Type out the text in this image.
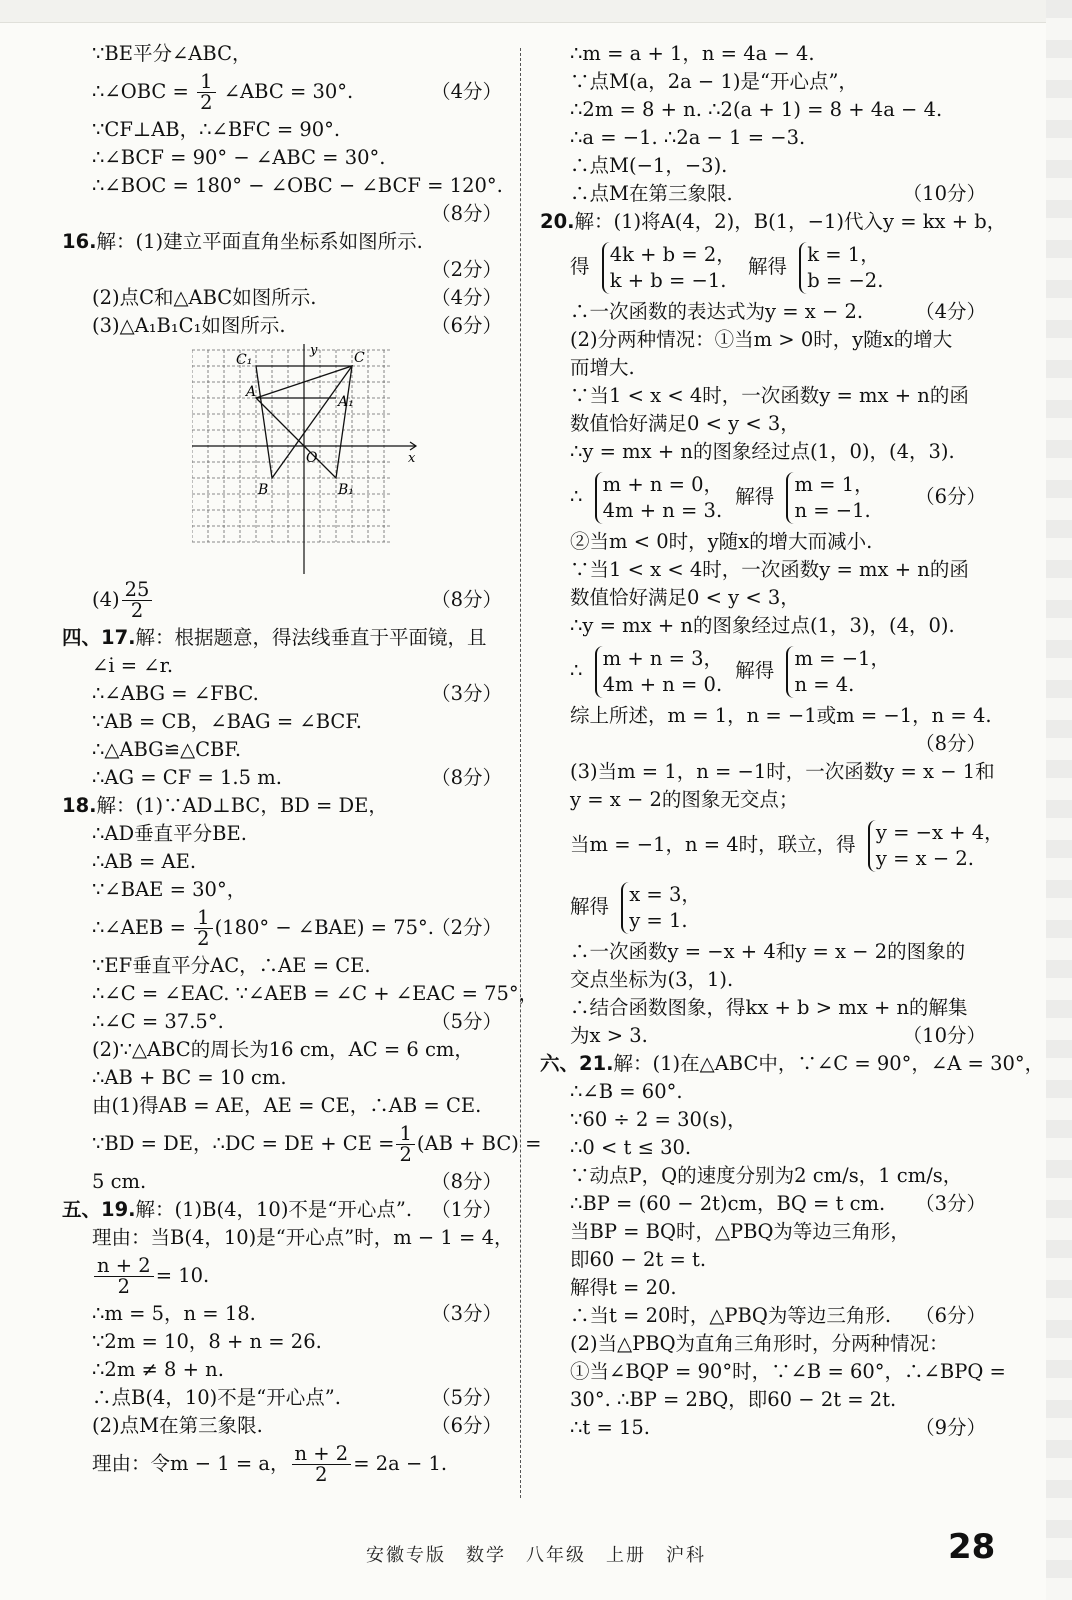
∵BE平分∠ABC，
∴∠OBC = $\frac{1}{2}$ ∠ABC = 30°.	（4分）
∵CF⊥AB，∴∠BFC = 90°.
∴∠BCF = 90° − ∠ABC = 30°.
∴∠BOC = 180° − ∠OBC − ∠BCF = 120°.
（8分）
16.解：(1)建立平面直角坐标系如图所示.
（2分）
(2)点C和△ABC如图所示.	（4分）
(3)△A₁B₁C₁如图所示.	（6分）
C₁	C
A
A₁
B	B₁
O
y
x
$(4) \frac{25}{2}$	（8分）
四、17.解：根据题意，得法线垂直于平面镜，且
∠i = ∠r.
∴∠ABG = ∠FBC.	（3分）
∵AB = CB，∠BAG = ∠BCF.
∴△ABG≌△CBF.
∴AG = CF = 1.5 m.	（8分）
18.解：(1)∵AD⊥BC，BD = DE，
∴AD垂直平分BE.
∴AB = AE.
∵∠BAE = 30°，
∴∠AEB = $\frac{1}{2} (180^\circ$ − ∠BAE) = 75°.
（2分）
∵EF垂直平分AC，∴AE = CE.
∴∠C = ∠EAC. ∵∠AEB = ∠C + ∠EAC = 75°，
∴∠C = 37.5°.	（5分）
(2)∵△ABC的周长为16 cm，AC = 6 cm，
∴AB + BC = 10 cm.
由(1)得AB = AE，AE = CE，∴AB = CE.
∵BD = DE，∴DC = DE + CE = $\frac{1}{2} (AB + BC)$ =
5 cm.	（8分）
五、19.解：(1)B(4，10)不是“开心点”. （1分）
理由：当B(4，10)是“开心点”时，m − 1 = 4，
$\frac{n + 2}{2} = 10$.
∴m = 5，n = 18.	（3分）
∵2m = 10，8 + n = 26.
∴2m ≠ 8 + n.
∴点B(4，10)不是“开心点”.	（5分）
(2)点M在第三象限.	（6分）
理由：令m − 1 = a， $\frac{n + 2}{2} = 2a - 1$.
∴m = a + 1，n = 4a − 4.
∵点M(a，2a − 1)是“开心点”，
∴2m = 8 + n. ∴2(a + 1) = 8 + 4a − 4.
∴a = −1. ∴2a − 1 = −3.
∴点M(−1，−3).
∴点M在第三象限.	（10分）
20.解：(1)将A(4，2)，B(1，−1)代入y = kx + b，
得
4k + b = 2，
k + b = −1.
解得
k = 1，
b = −2.
∴一次函数的表达式为y = x − 2.	（4分）
(2)分两种情况：①当m > 0时，y随x的增大
而增大.
∵当1 < x < 4时，一次函数y = mx + n的函
数值恰好满足0 < y < 3，
∴y = mx + n的图象经过点(1，0)，(4，3).
∴
m + n = 0，
4m + n = 3.
解得
m = 1，
n = −1.
（6分）
②当m < 0时，y随x的增大而减小.
∵当1 < x < 4时，一次函数y = mx + n的函
数值恰好满足0 < y < 3，
∴y = mx + n的图象经过点(1，3)，(4，0).
∴
m + n = 3，
4m + n = 0.
解得
m = −1，
n = 4.
综上所述，m = 1，n = −1或m = −1，n = 4.
（8分）
(3)当m = 1，n = −1时，一次函数y = x − 1和
y = x − 2的图象无交点；
当m = −1，n = 4时，联立，得
y = −x + 4，
y = x − 2.
解得
x = 3，
y = 1.
∴一次函数y = −x + 4和y = x − 2的图象的
交点坐标为(3，1).
∴结合函数图象，得kx + b > mx + n的解集
为x > 3.	（10分）
六、21.解：(1)在△ABC中，∵∠C = 90°，∠A = 30°，
∴∠B = 60°.
∵60 ÷ 2 = 30(s)，
∴0 < t ≤ 30.
∵动点P，Q的速度分别为2 cm/s，1 cm/s，
∴BP = (60 − 2t)cm，BQ = t cm. （3分）
当BP = BQ时，△PBQ为等边三角形，
即60 − 2t = t.
解得t = 20.
∴当t = 20时，△PBQ为等边三角形. （6分）
(2)当△PBQ为直角三角形时，分两种情况：
①当∠BQP = 90°时，∵∠B = 60°，∴∠BPQ =
30°. ∴BP = 2BQ，即60 − 2t = 2t.
∴t = 15.	（9分）
安徽专版　数学　八年级　上册　沪科	28
